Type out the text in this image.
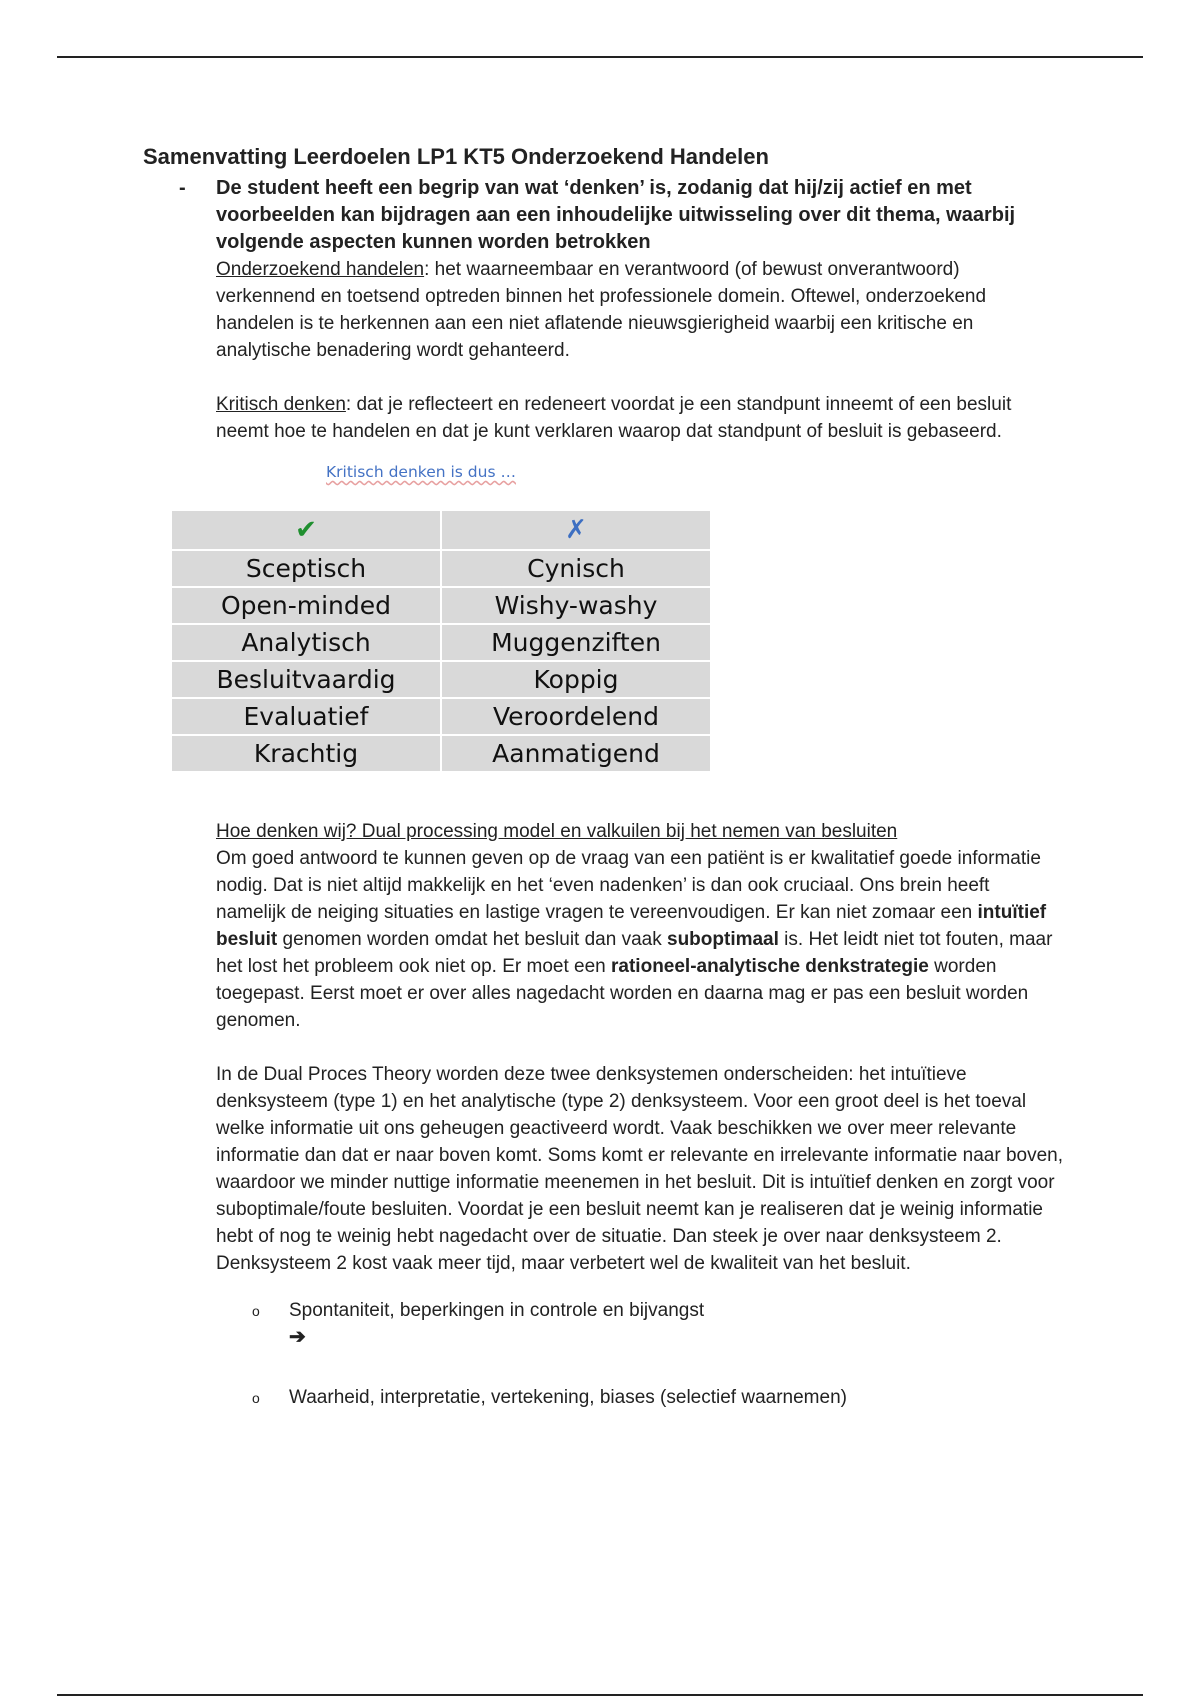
Samenvatting Leerdoelen LP1 KT5 Onderzoekend Handelen
- De student heeft een begrip van wat ‘denken’ is, zodanig dat hij/zij actief en met voorbeelden kan bijdragen aan een inhoudelijke uitwisseling over dit thema, waarbij volgende aspecten kunnen worden betrokken

Onderzoekend handelen: het waarneembaar en verantwoord (of bewust onverantwoord) verkennend en toetsend optreden binnen het professionele domein. Oftewel, onderzoekend handelen is te herkennen aan een niet aflatende nieuwsgierigheid waarbij een kritische en analytische benadering wordt gehanteerd.

Kritisch denken: dat je reflecteert en redeneert voordat je een standpunt inneemt of een besluit neemt hoe te handelen en dat je kunt verklaren waarop dat standpunt of besluit is gebaseerd.

Kritisch denken is dus …
✔	✗
Sceptisch	Cynisch
Open-minded	Wishy-washy
Analytisch	Muggenziften
Besluitvaardig	Koppig
Evaluatief	Veroordelend
Krachtig	Aanmatigend

Hoe denken wij? Dual processing model en valkuilen bij het nemen van besluiten

Om goed antwoord te kunnen geven op de vraag van een patiënt is er kwalitatief goede informatie nodig. Dat is niet altijd makkelijk en het ‘even nadenken’ is dan ook cruciaal. Ons brein heeft namelijk de neiging situaties en lastige vragen te vereenvoudigen. Er kan niet zomaar een intuïtief besluit genomen worden omdat het besluit dan vaak suboptimaal is. Het leidt niet tot fouten, maar het lost het probleem ook niet op. Er moet een rationeel-analytische denkstrategie worden toegepast. Eerst moet er over alles nagedacht worden en daarna mag er pas een besluit worden genomen.

In de Dual Proces Theory worden deze twee denksystemen onderscheiden: het intuïtieve denksysteem (type 1) en het analytische (type 2) denksysteem. Voor een groot deel is het toeval welke informatie uit ons geheugen geactiveerd wordt. Vaak beschikken we over meer relevante informatie dan dat er naar boven komt. Soms komt er relevante en irrelevante informatie naar boven, waardoor we minder nuttige informatie meenemen in het besluit. Dit is intuïtief denken en zorgt voor suboptimale/foute besluiten. Voordat je een besluit neemt kan je realiseren dat je weinig informatie hebt of nog te weinig hebt nagedacht over de situatie. Dan steek je over naar denksysteem 2. Denksysteem 2 kost vaak meer tijd, maar verbetert wel de kwaliteit van het besluit.

o Spontaniteit, beperkingen in controle en bijvangst
➔
o Waarheid, interpretatie, vertekening, biases (selectief waarnemen)
